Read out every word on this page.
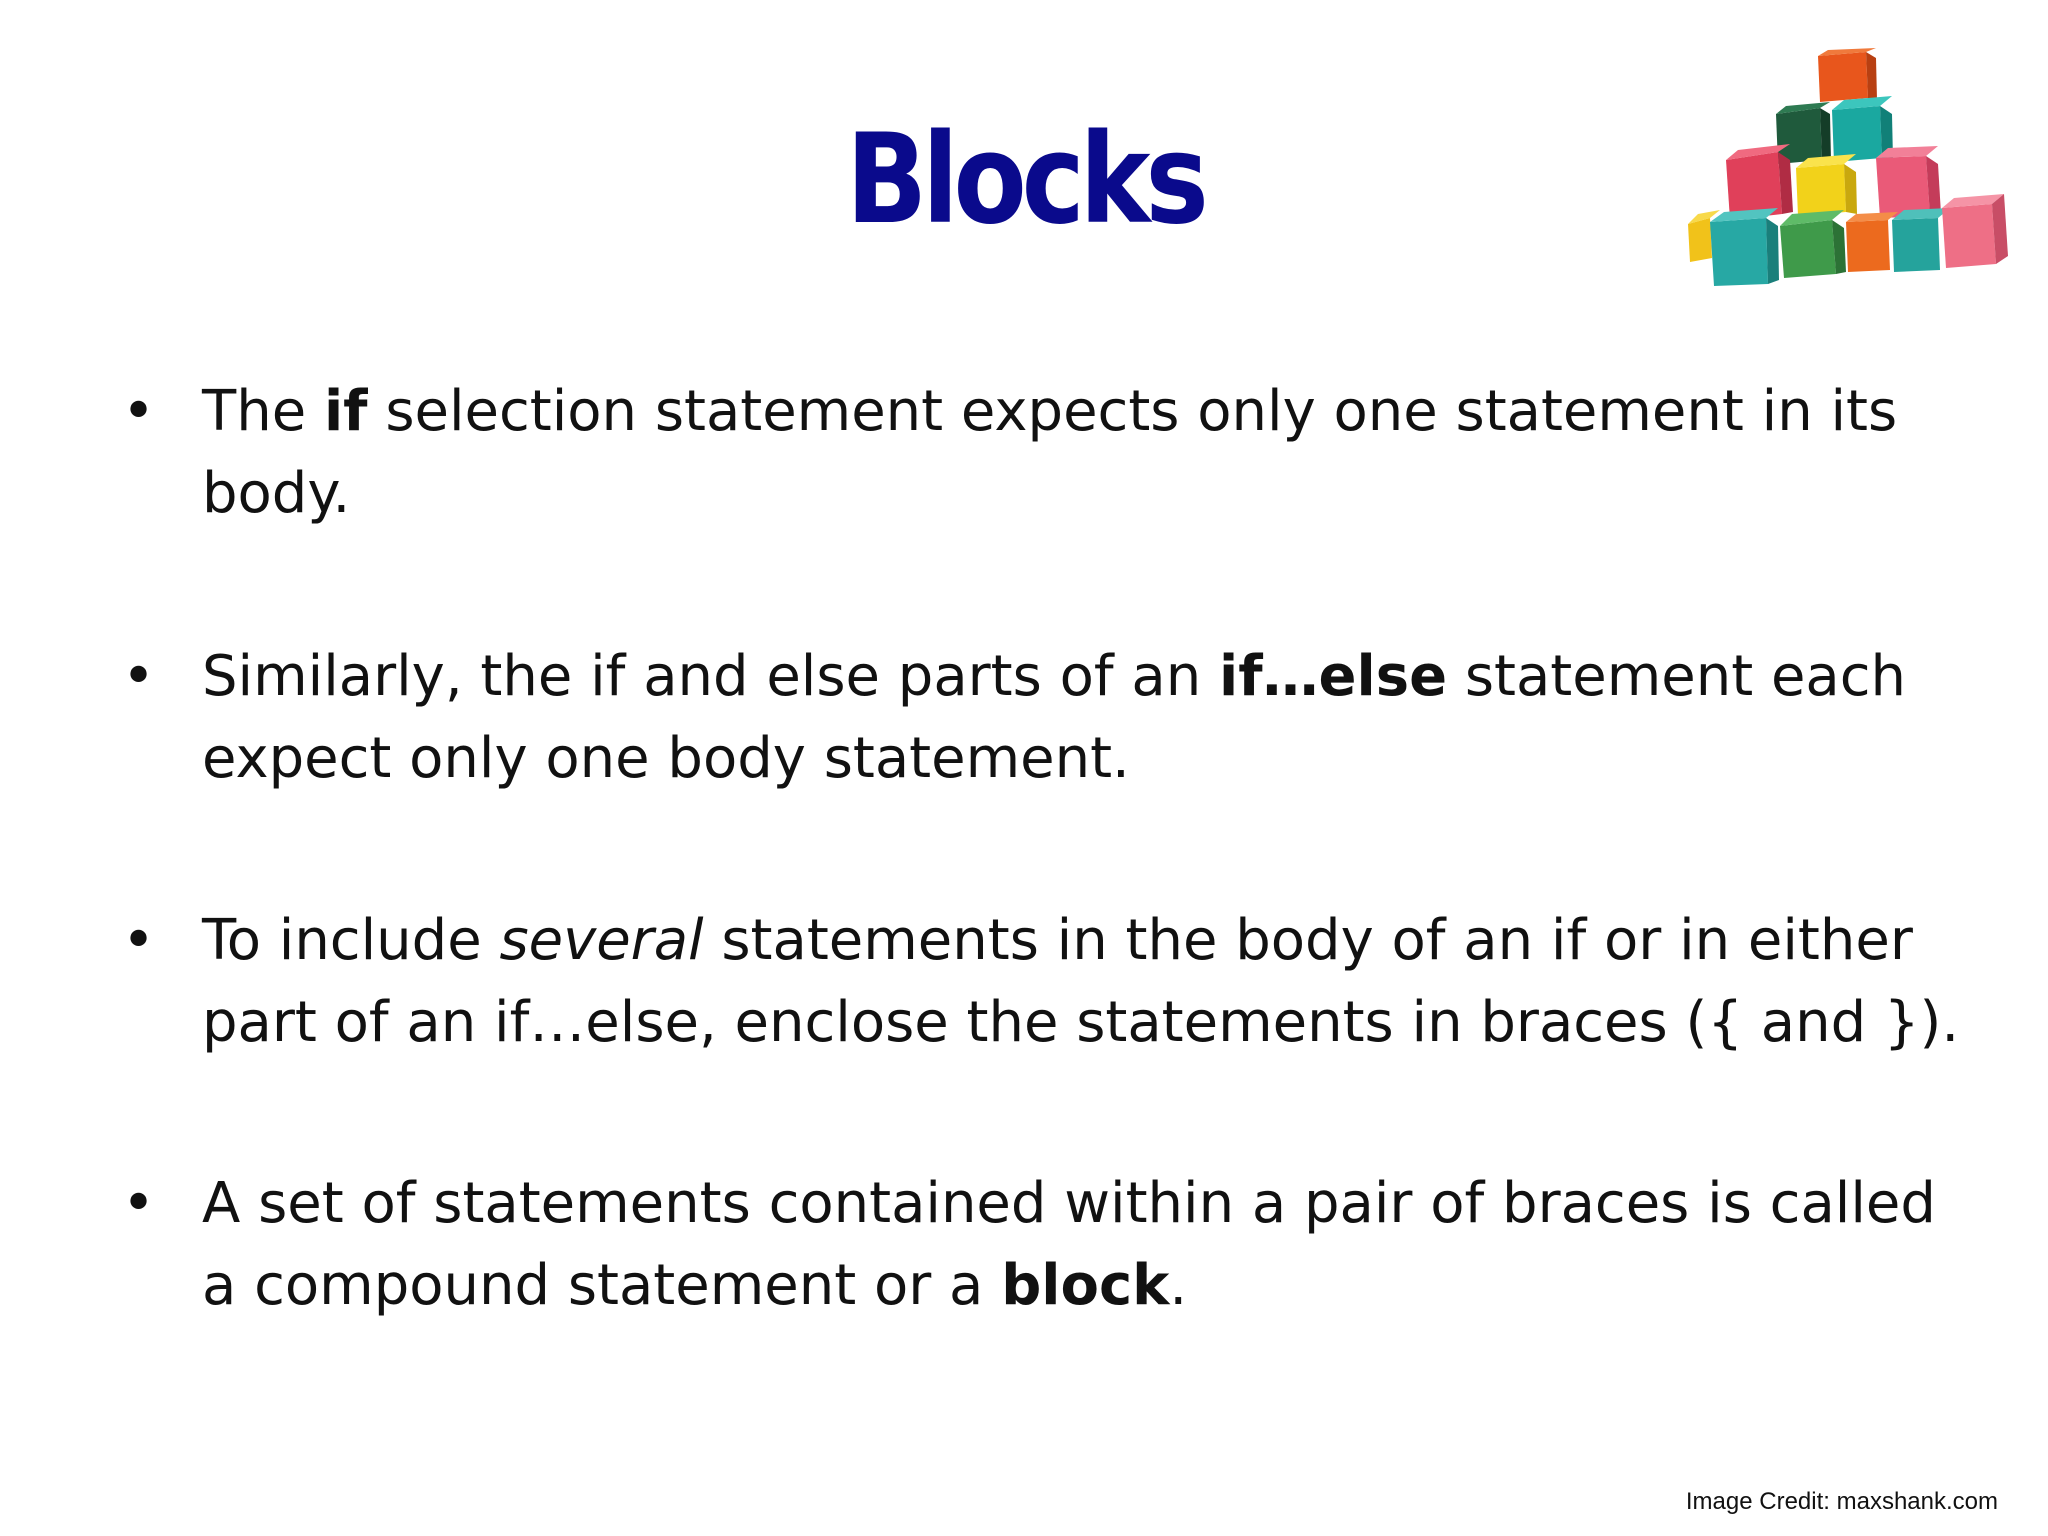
Blocks
• The if selection statement expects only one statement in its body.
• Similarly, the if and else parts of an if…else statement each expect only one body statement.
• To include several statements in the body of an if or in either part of an if…else, enclose the statements in braces ({ and }).
• A set of statements contained within a pair of braces is called a compound statement or a block.
Image Credit: maxshank.com
